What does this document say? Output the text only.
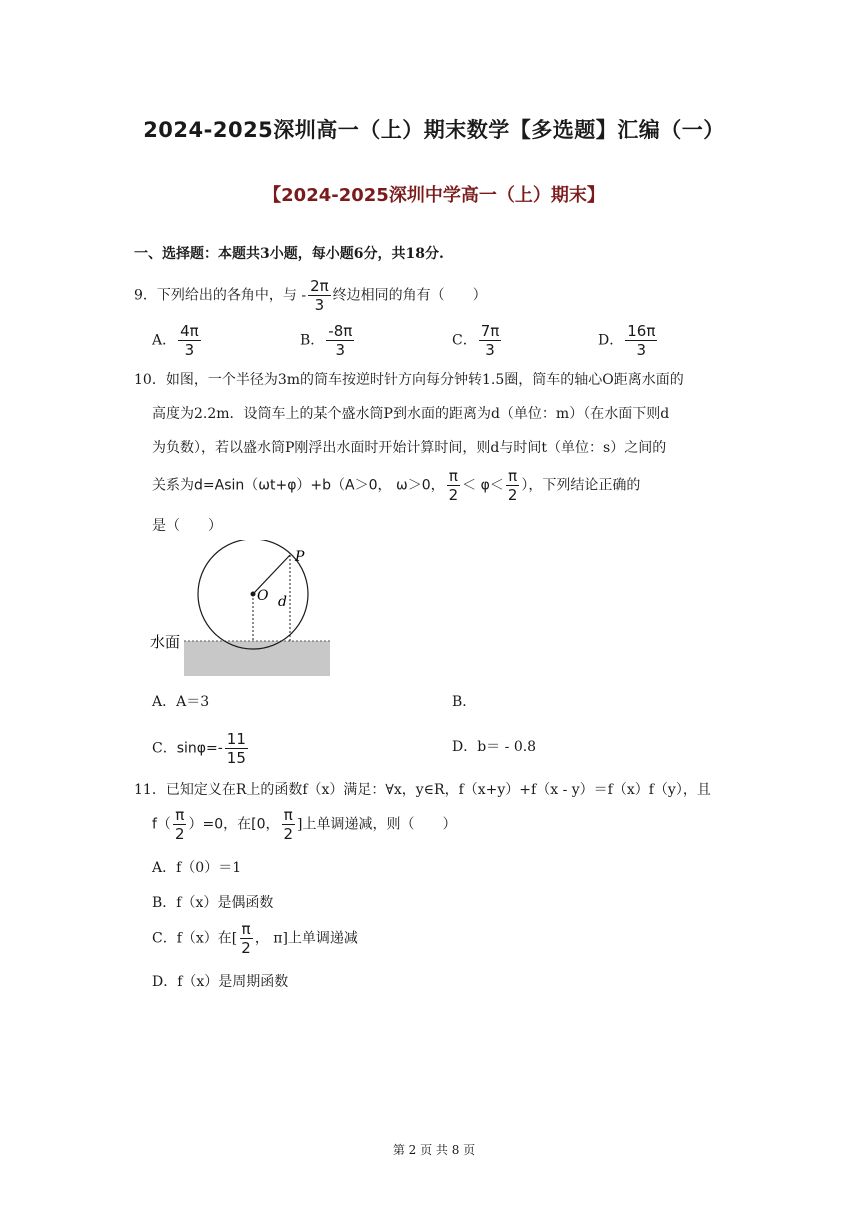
2024-2025深圳高一（上）期末数学【多选题】汇编（一）
【2024-2025深圳中学高一（上）期末】
一、选择题：本题共3小题，每小题6分，共18分.
9．下列给出的各角中，与 - $\frac{2\pi}{3}$ 终边相同的角有（　　）
A． $\frac{4\pi}{3}$	B． $\frac{-8\pi}{3}$	C． $\frac{7\pi}{3}$	D． $\frac{16\pi}{3}$
10．如图，一个半径为3m的筒车按逆时针方向每分钟转1.5圈，筒车的轴心O距离水面的
高度为2.2m．设筒车上的某个盛水筒P到水面的距离为d（单位：m）（在水面下则d
为负数），若以盛水筒P刚浮出水面时开始计算时间，则d与时间t（单位：s）之间的
关系为d=Asin（ωt+φ）+b（A＞0， ω＞0， $\frac{\pi}{2} < \varphi< \frac{\pi}{2}$ ），下列结论正确的
是（　　）
P
O d
水面
A．A＝3	B．
C．$\sin\varphi=- \frac{11}{15}$	D．b＝ - 0.8
11．已知定义在R上的函数f（x）满足：∀x，y∈R，f（x+y）+f（x - y）＝f（x）f（y），且
$f( \frac{\pi}{2} )=0$，在[0， $\frac{\pi}{2}$ ]上单调递减，则（　　）
A．f（0）＝1
B．f（x）是偶函数
C．f（x）在[ $\frac{\pi}{2}$ ， π]上单调递减
D．f（x）是周期函数
第 2 页 共 8 页
